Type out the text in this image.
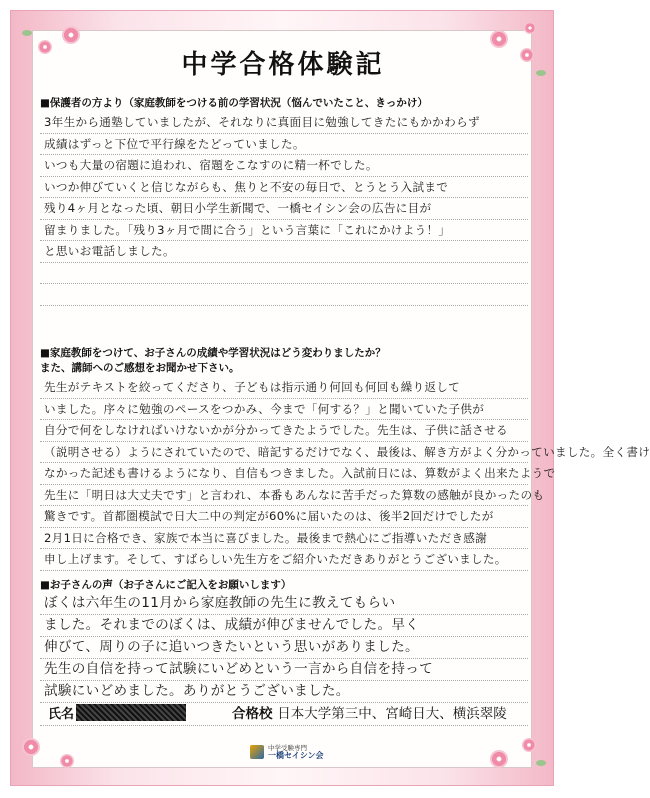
中学合格体験記
■保護者の方より（家庭教師をつける前の学習状況（悩んでいたこと、きっかけ）
3年生から通塾していましたが、それなりに真面目に勉強してきたにもかかわらず
成績はずっと下位で平行線をたどっていました。
いつも大量の宿題に追われ、宿題をこなすのに精一杯でした。
いつか伸びていくと信じながらも、焦りと不安の毎日で、とうとう入試まで
残り4ヶ月となった頃、朝日小学生新聞で、一橋セイシン会の広告に目が
留まりました。「残り3ヶ月で間に合う」という言葉に「これにかけよう！」
と思いお電話しました。
■家庭教師をつけて、お子さんの成績や学習状況はどう変わりましたか？
また、講師へのご感想をお聞かせ下さい。
先生がテキストを絞ってくださり、子どもは指示通り何回も何回も繰り返して
いました。序々に勉強のペースをつかみ、今まで「何する？」と聞いていた子供が
自分で何をしなければいけないかが分かってきたようでした。先生は、子供に話させる
（説明させる）ようにされていたので、暗記するだけでなく、最後は、解き方がよく分かっていました。全く書け
なかった記述も書けるようになり、自信もつきました。入試前日には、算数がよく出来たようで
先生に「明日は大丈夫です」と言われ、本番もあんなに苦手だった算数の感触が良かったのも
驚きです。首都圏模試で日大二中の判定が60%に届いたのは、後半2回だけでしたが
2月1日に合格でき、家族で本当に喜びました。最後まで熱心にご指導いただき感謝
申し上げます。そして、すばらしい先生方をご紹介いただきありがとうございました。
■お子さんの声（お子さんにご記入をお願いします）
ぼくは六年生の11月から家庭教師の先生に教えてもらい
ました。それまでのぼくは、成績が伸びませんでした。早く
伸びて、周りの子に追いつきたいという思いがありました。
先生の自信を持って試験にいどめという一言から自信を持って
試験にいどめました。ありがとうございました。
氏名	合格校 日本大学第三中、宮崎日大、横浜翠陵
中学受験専門
一橋セイシン会
